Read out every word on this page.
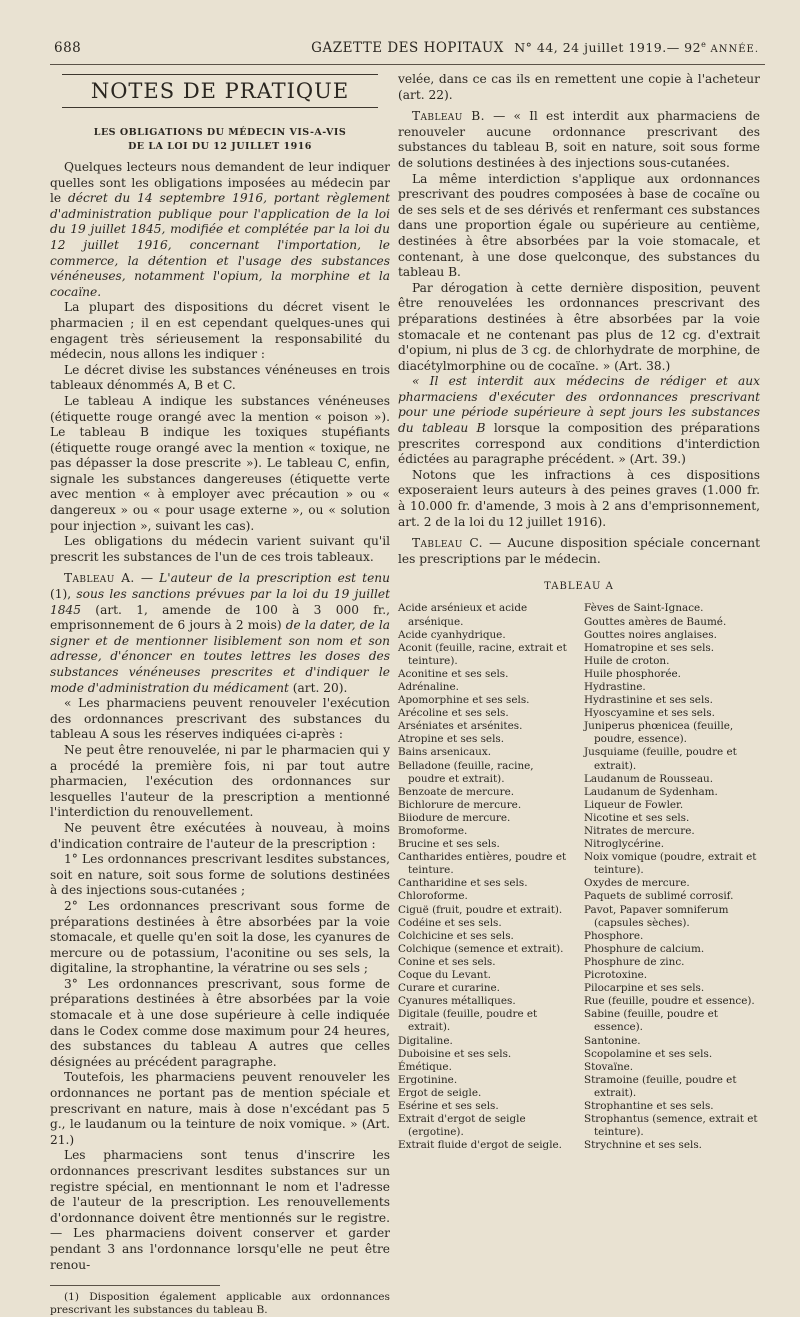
688	GAZETTE DES HOPITAUX N° 44, 24 juillet 1919.— 92e ANNÉE.
NOTES DE PRATIQUE
LES OBLIGATIONS DU MÉDECIN VIS-A-VIS
DE LA LOI DU 12 JUILLET 1916

Quelques lecteurs nous demandent de leur indiquer quelles sont les obligations imposées au médecin par le décret du 14 septembre 1916, portant règlement d'administration publique pour l'application de la loi du 19 juillet 1845, modifiée et complétée par la loi du 12 juillet 1916, concernant l'importation, le commerce, la détention et l'usage des substances vénéneuses, notamment l'opium, la morphine et la cocaïne.

La plupart des dispositions du décret visent le pharmacien ; il en est cependant quelques-unes qui engagent très sérieusement la responsabilité du médecin, nous allons les indiquer :

Le décret divise les substances vénéneuses en trois tableaux dénommés A, B et C.

Le tableau A indique les substances vénéneuses (étiquette rouge orangé avec la mention « poison »). Le tableau B indique les toxiques stupéfiants (étiquette rouge orangé avec la mention « toxique, ne pas dépasser la dose prescrite »). Le tableau C, enfin, signale les substances dangereuses (étiquette verte avec mention « à employer avec précaution » ou « dangereux » ou « pour usage externe », ou « solution pour injection », suivant les cas).

Les obligations du médecin varient suivant qu'il prescrit les substances de l'un de ces trois tableaux.

Tableau A. — L'auteur de la prescription est tenu (1), sous les sanctions prévues par la loi du 19 juillet 1845 (art. 1, amende de 100 à 3 000 fr., emprisonnement de 6 jours à 2 mois) de la dater, de la signer et de mentionner lisiblement son nom et son adresse, d'énoncer en toutes lettres les doses des substances vénéneuses prescrites et d'indiquer le mode d'administration du médicament (art. 20).

« Les pharmaciens peuvent renouveler l'exécution des ordonnances prescrivant des substances du tableau A sous les réserves indiquées ci-après :

Ne peut être renouvelée, ni par le pharmacien qui y a procédé la première fois, ni par tout autre pharmacien, l'exécution des ordonnances sur lesquelles l'auteur de la prescription a mentionné l'interdiction du renouvellement.

Ne peuvent être exécutées à nouveau, à moins d'indication contraire de l'auteur de la prescription :

1° Les ordonnances prescrivant lesdites substances, soit en nature, soit sous forme de solutions destinées à des injections sous-cutanées ;

2° Les ordonnances prescrivant sous forme de préparations destinées à être absorbées par la voie stomacale, et quelle qu'en soit la dose, les cyanures de mercure ou de potassium, l'aconitine ou ses sels, la digitaline, la strophantine, la vératrine ou ses sels ;

3° Les ordonnances prescrivant, sous forme de préparations destinées à être absorbées par la voie stomacale et à une dose supérieure à celle indiquée dans le Codex comme dose maximum pour 24 heures, des substances du tableau A autres que celles désignées au précédent paragraphe.

Toutefois, les pharmaciens peuvent renouveler les ordonnances ne portant pas de mention spéciale et prescrivant en nature, mais à dose n'excédant pas 5 g., le laudanum ou la teinture de noix vomique. » (Art. 21.)

Les pharmaciens sont tenus d'inscrire les ordonnances prescrivant lesdites substances sur un registre spécial, en mentionnant le nom et l'adresse de l'auteur de la prescription. Les renouvellements d'ordonnance doivent être mentionnés sur le registre. — Les pharmaciens doivent conserver et garder pendant 3 ans l'ordonnance lorsqu'elle ne peut être renou-

(1) Disposition également applicable aux ordonnances prescrivant les substances du tableau B.

velée, dans ce cas ils en remettent une copie à l'acheteur (art. 22).

Tableau B. — « Il est interdit aux pharmaciens de renouveler aucune ordonnance prescrivant des substances du tableau B, soit en nature, soit sous forme de solutions destinées à des injections sous-cutanées.

La même interdiction s'applique aux ordonnances prescrivant des poudres composées à base de cocaïne ou de ses sels et de ses dérivés et renfermant ces substances dans une proportion égale ou supérieure au centième, destinées à être absorbées par la voie stomacale, et contenant, à une dose quelconque, des substances du tableau B.

Par dérogation à cette dernière disposition, peuvent être renouvelées les ordonnances prescrivant des préparations destinées à être absorbées par la voie stomacale et ne contenant pas plus de 12 cg. d'extrait d'opium, ni plus de 3 cg. de chlorhydrate de morphine, de diacétylmorphine ou de cocaïne. » (Art. 38.)

« Il est interdit aux médecins de rédiger et aux pharmaciens d'exécuter des ordonnances prescrivant pour une période supérieure à sept jours les substances du tableau B lorsque la composition des préparations prescrites correspond aux conditions d'interdiction édictées au paragraphe précédent. » (Art. 39.)

Notons que les infractions à ces dispositions exposeraient leurs auteurs à des peines graves (1.000 fr. à 10.000 fr. d'amende, 3 mois à 2 ans d'emprisonnement, art. 2 de la loi du 12 juillet 1916).

Tableau C. — Aucune disposition spéciale concernant les prescriptions par le médecin.

TABLEAU A
Acide arsénieux et acide arsénique.
Acide cyanhydrique.
Aconit (feuille, racine, extrait et teinture).
Aconitine et ses sels.
Adrénaline.
Apomorphine et ses sels.
Arécoline et ses sels.
Arséniates et arsénites.
Atropine et ses sels.
Bains arsenicaux.
Belladone (feuille, racine, poudre et extrait).
Benzoate de mercure.
Bichlorure de mercure.
Biiodure de mercure.
Bromoforme.
Brucine et ses sels.
Cantharides entières, poudre et teinture.
Cantharidine et ses sels.
Chloroforme.
Ciguë (fruit, poudre et extrait).
Codéine et ses sels.
Colchicine et ses sels.
Colchique (semence et extrait).
Conine et ses sels.
Coque du Levant.
Curare et curarine.
Cyanures métalliques.
Digitale (feuille, poudre et extrait).
Digitaline.
Duboisine et ses sels.
Émétique.
Ergotinine.
Ergot de seigle.
Esérine et ses sels.
Extrait d'ergot de seigle (ergotine).
Extrait fluide d'ergot de seigle.
Fèves de Saint-Ignace.
Gouttes amères de Baumé.
Gouttes noires anglaises.
Homatropine et ses sels.
Huile de croton.
Huile phosphorée.
Hydrastine.
Hydrastinine et ses sels.
Hyoscyamine et ses sels.
Juniperus phœnicea (feuille, poudre, essence).
Jusquiame (feuille, poudre et extrait).
Laudanum de Rousseau.
Laudanum de Sydenham.
Liqueur de Fowler.
Nicotine et ses sels.
Nitrates de mercure.
Nitroglycérine.
Noix vomique (poudre, extrait et teinture).
Oxydes de mercure.
Paquets de sublimé corrosif.
Pavot, Papaver somniferum (capsules sèches).
Phosphore.
Phosphure de calcium.
Phosphure de zinc.
Picrotoxine.
Pilocarpine et ses sels.
Rue (feuille, poudre et essence).
Sabine (feuille, poudre et essence).
Santonine.
Scopolamine et ses sels.
Stovaïne.
Stramoine (feuille, poudre et extrait).
Strophantine et ses sels.
Strophantus (semence, extrait et teinture).
Strychnine et ses sels.
